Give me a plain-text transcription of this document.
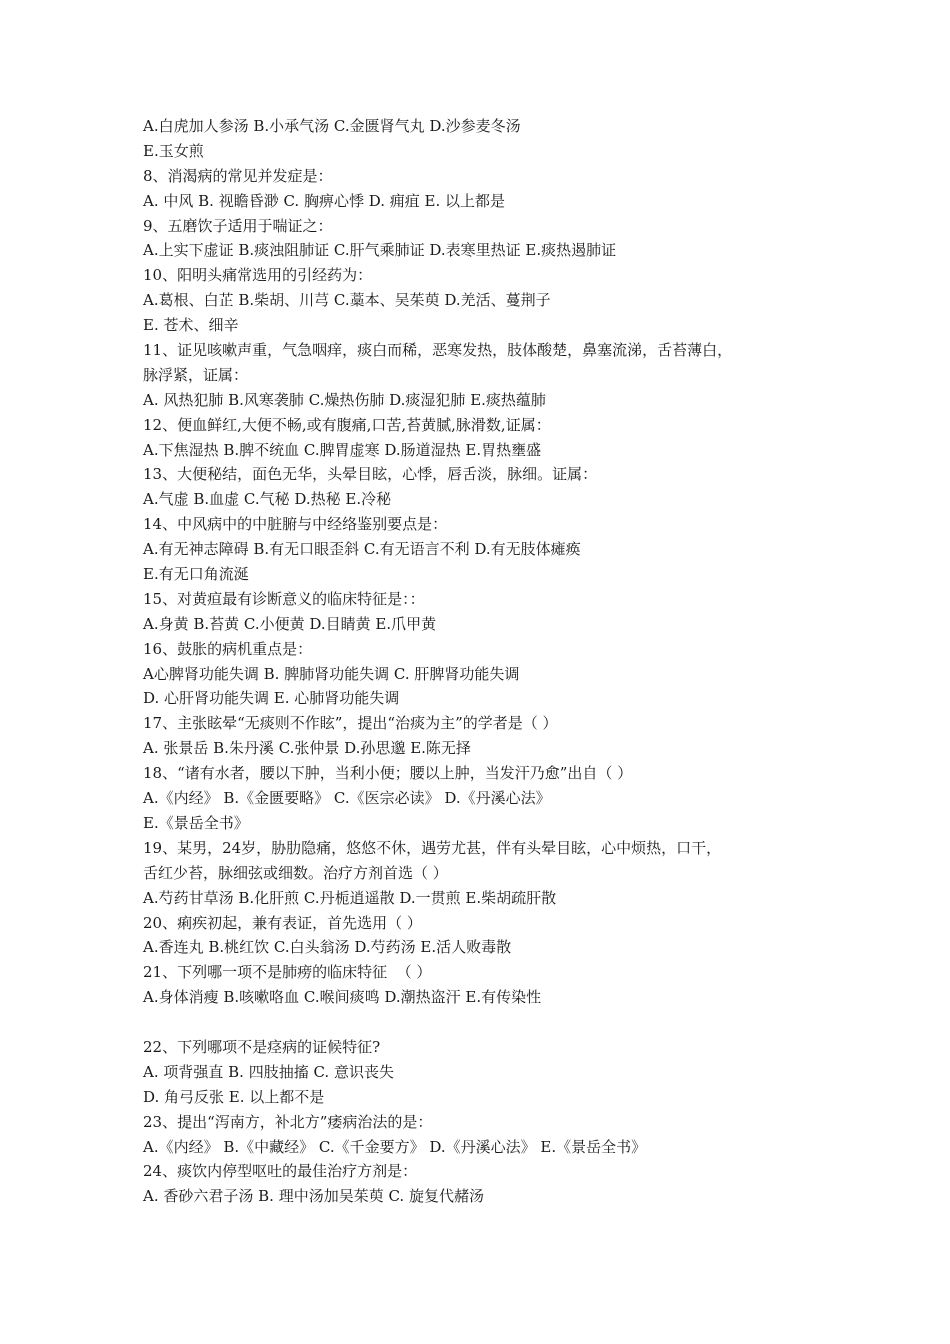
A.白虎加人参汤 B.小承气汤 C.金匮肾气丸 D.沙参麦冬汤

E.玉女煎

8、消渴病的常见并发症是：

A. 中风 B. 视瞻昏渺 C. 胸痹心悸 D. 痈疽 E. 以上都是

9、五磨饮子适用于喘证之：

A.上实下虚证 B.痰浊阻肺证 C.肝气乘肺证 D.表寒里热证 E.痰热遏肺证

10、阳明头痛常选用的引经药为：

A.葛根、白芷 B.柴胡、川芎 C.藁本、吴茱萸 D.羌活、蔓荆子

E. 苍术、细辛

11、证见咳嗽声重，气急咽痒，痰白而稀，恶寒发热，肢体酸楚，鼻塞流涕，舌苔薄白，

脉浮紧，证属：

A. 风热犯肺 B.风寒袭肺 C.燥热伤肺 D.痰湿犯肺 E.痰热蕴肺

12、便血鲜红,大便不畅,或有腹痛,口苦,苔黄腻,脉滑数,证属：

A.下焦湿热 B.脾不统血 C.脾胃虚寒 D.肠道湿热 E.胃热壅盛

13、大便秘结，面色无华，头晕目眩，心悸，唇舌淡，脉细。证属：

A.气虚 B.血虚 C.气秘 D.热秘 E.冷秘

14、中风病中的中脏腑与中经络鉴别要点是：

A.有无神志障碍 B.有无口眼歪斜 C.有无语言不利 D.有无肢体瘫痪

E.有无口角流涎

15、对黄疸最有诊断意义的临床特征是：：

A.身黄 B.苔黄 C.小便黄 D.目睛黄 E.爪甲黄

16、鼓胀的病机重点是：

A心脾肾功能失调 B. 脾肺肾功能失调 C. 肝脾肾功能失调

D. 心肝肾功能失调 E. 心肺肾功能失调

17、主张眩晕“无痰则不作眩”，提出“治痰为主”的学者是（ ）

A. 张景岳 B.朱丹溪 C.张仲景 D.孙思邈 E.陈无择

18、“诸有水者，腰以下肿，当利小便；腰以上肿，当发汗乃愈”出自（ ）

A.《内经》 B.《金匮要略》 C.《医宗必读》 D.《丹溪心法》

E.《景岳全书》

19、某男，24岁，胁肋隐痛，悠悠不休，遇劳尤甚，伴有头晕目眩，心中烦热，口干，

舌红少苔，脉细弦或细数。治疗方剂首选（ ）

A.芍药甘草汤 B.化肝煎 C.丹栀逍遥散 D.一贯煎 E.柴胡疏肝散

20、痢疾初起，兼有表证，首先选用（ ）

A.香连丸 B.桃红饮 C.白头翁汤 D.芍药汤 E.活人败毒散

21、下列哪一项不是肺痨的临床特征  （ ）

A.身体消瘦 B.咳嗽咯血 C.喉间痰鸣 D.潮热盗汗 E.有传染性

22、下列哪项不是痉病的证候特征?

A. 项背强直 B. 四肢抽搐 C. 意识丧失

D. 角弓反张 E. 以上都不是

23、提出“泻南方，补北方”痿病治法的是：

A.《内经》 B.《中藏经》 C.《千金要方》 D.《丹溪心法》 E.《景岳全书》

24、痰饮内停型呕吐的最佳治疗方剂是：

A. 香砂六君子汤 B. 理中汤加吴茱萸 C. 旋复代赭汤
